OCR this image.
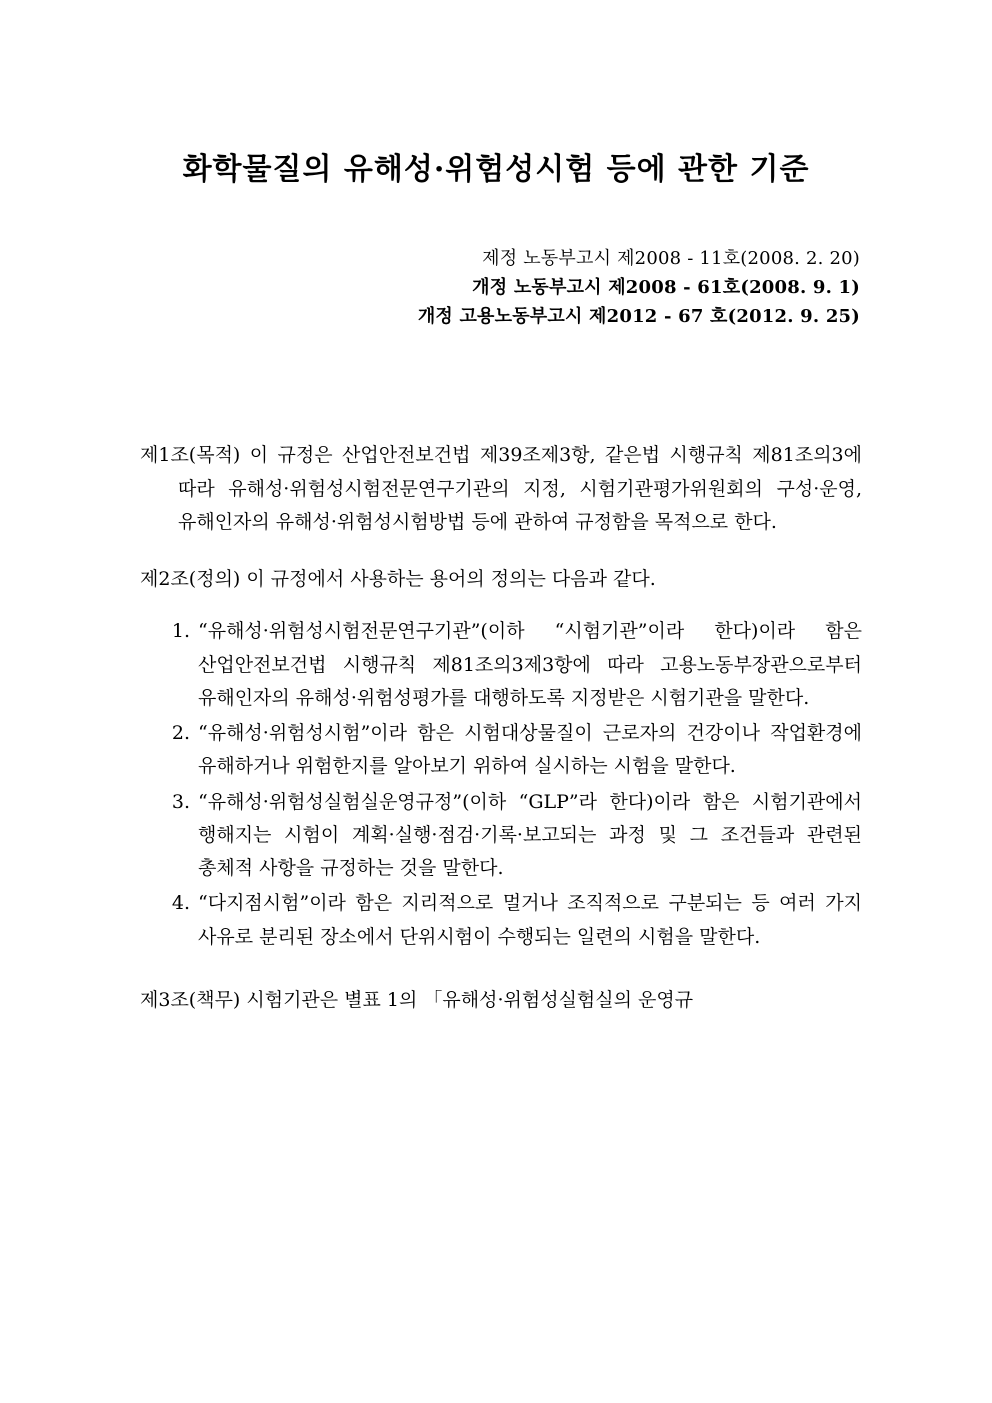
화학물질의 유해성·위험성시험 등에 관한 기준
제정 노동부고시 제2008 - 11호(2008. 2. 20)
개정 노동부고시 제2008 - 61호(2008. 9. 1)
개정 고용노동부고시 제2012 - 67 호(2012. 9. 25)

제1조(목적) 이 규정은 산업안전보건법 제39조제3항, 같은법 시행규칙 제81조의3에 따라 유해성·위험성시험전문연구기관의 지정, 시험기관평가위원회의 구성·운영, 유해인자의 유해성·위험성시험방법 등에 관하여 규정함을 목적으로 한다.

제2조(정의) 이 규정에서 사용하는 용어의 정의는 다음과 같다.

1. “유해성·위험성시험전문연구기관”(이하 “시험기관”이라 한다)이라 함은 산업안전보건법 시행규칙 제81조의3제3항에 따라 고용노동부장관으로부터 유해인자의 유해성·위험성평가를 대행하도록 지정받은 시험기관을 말한다.
2. “유해성·위험성시험”이라 함은 시험대상물질이 근로자의 건강이나 작업환경에 유해하거나 위험한지를 알아보기 위하여 실시하는 시험을 말한다.
3. “유해성·위험성실험실운영규정”(이하 “GLP”라 한다)이라 함은 시험기관에서 행해지는 시험이 계획·실행·점검·기록·보고되는 과정 및 그 조건들과 관련된 총체적 사항을 규정하는 것을 말한다.
4. “다지점시험”이라 함은 지리적으로 멀거나 조직적으로 구분되는 등 여러 가지 사유로 분리된 장소에서 단위시험이 수행되는 일련의 시험을 말한다.

제3조(책무) 시험기관은 별표 1의 「유해성·위험성실험실의 운영규
